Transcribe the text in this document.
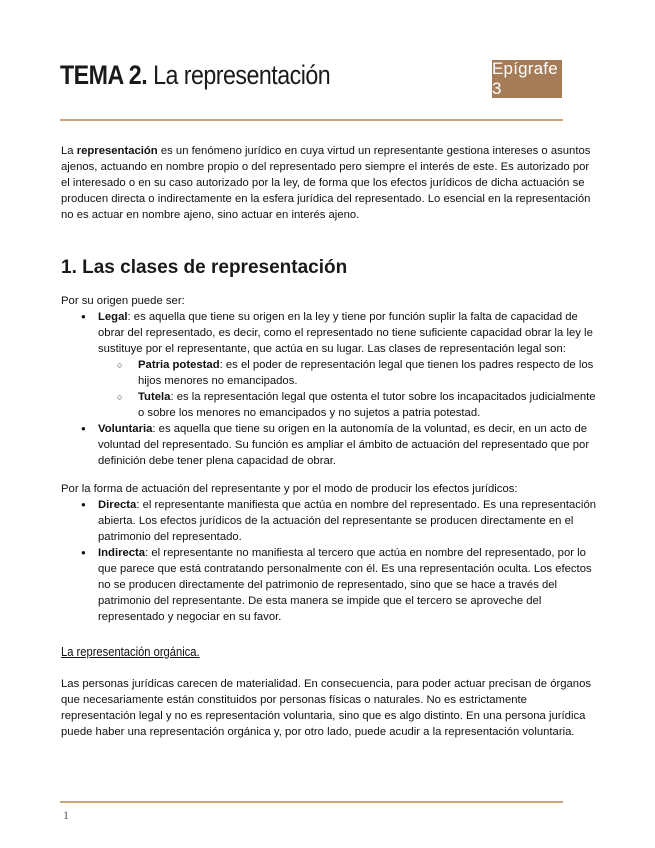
TEMA 2. La representación	Epígrafe 3

La representación es un fenómeno jurídico en cuya virtud un representante gestiona intereses o asuntos ajenos, actuando en nombre propio o del representado pero siempre el interés de este. Es autorizado por el interesado o en su caso autorizado por la ley, de forma que los efectos jurídicos de dicha actuación se producen directa o indirectamente en la esfera jurídica del representado. Lo esencial en la representación no es actuar en nombre ajeno, sino actuar en interés ajeno.

1. Las clases de representación

Por su origen puede ser:

● Legal: es aquella que tiene su origen en la ley y tiene por función suplir la falta de capacidad de obrar del representado, es decir, como el representado no tiene suficiente capacidad obrar la ley le sustituye por el representante, que actúa en su lugar. Las clases de representación legal son:
○ Patria potestad: es el poder de representación legal que tienen los padres respecto de los hijos menores no emancipados.
○ Tutela: es la representación legal que ostenta el tutor sobre los incapacitados judicialmente o sobre los menores no emancipados y no sujetos a patria potestad.
● Voluntaria: es aquella que tiene su origen en la autonomía de la voluntad, es decir, en un acto de voluntad del representado. Su función es ampliar el ámbito de actuación del representado que por definición debe tener plena capacidad de obrar.

Por la forma de actuación del representante y por el modo de producir los efectos jurídicos:

● Directa: el representante manifiesta que actúa en nombre del representado. Es una representación abierta. Los efectos jurídicos de la actuación del representante se producen directamente en el patrimonio del representado.
● Indirecta: el representante no manifiesta al tercero que actúa en nombre del representado, por lo que parece que está contratando personalmente con él. Es una representación oculta. Los efectos no se producen directamente del patrimonio de representado, sino que se hace a través del patrimonio del representante. De esta manera se impide que el tercero se aproveche del representado y negociar en su favor.
La representación orgánica.

Las personas jurídicas carecen de materialidad. En consecuencia, para poder actuar precisan de órganos que necesariamente están constituidos por personas físicas o naturales. No es estrictamente representación legal y no es representación voluntaria, sino que es algo distinto. En una persona jurídica puede haber una representación orgánica y, por otro lado, puede acudir a la representación voluntaria.

1
